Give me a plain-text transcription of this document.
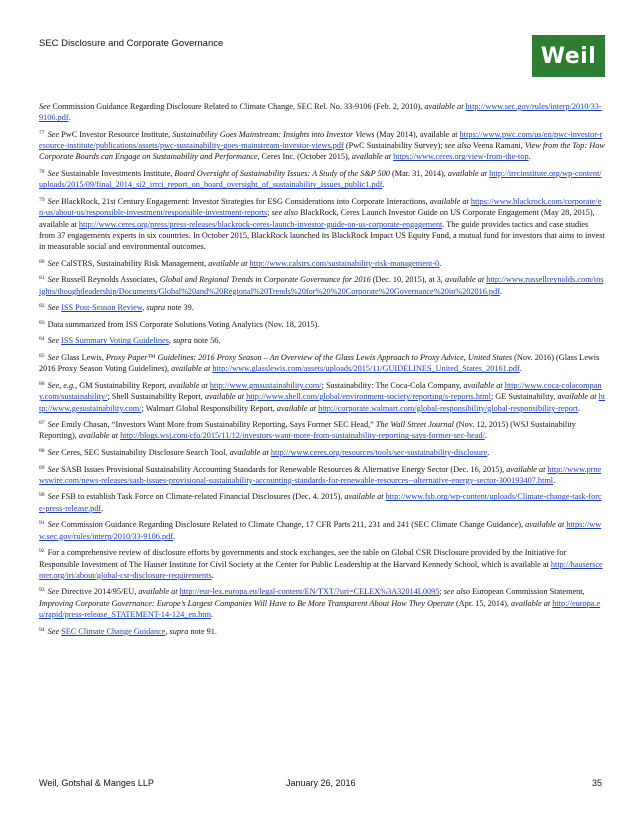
SEC Disclosure and Corporate Governance	Weil

See Commission Guidance Regarding Disclosure Related to Climate Change, SEC Rel. No. 33-9106 (Feb. 2, 2010), available at http://www.sec.gov/rules/interp/2010/33-9106.pdf.

$^{77}$ See PwC Investor Resource Institute, Sustainability Goes Mainstream: Insights into Investor Views (May 2014), available at https://www.pwc.com/us/en/pwc-investor-resource-institute/publications/assets/pwc-sustainability-goes-mainstream-investor-views.pdf (PwC Sustainability Survey); see also Veena Ramani, View from the Top: How Corporate Boards can Engage on Sustainability and Performance, Ceres Inc. (October 2015), available at https://www.ceres.org/view-from-the-top.

$^{78}$ See Sustainable Investments Institute, Board Oversight of Sustainability Issues: A Study of the S&P 500 (Mar. 31, 2014), available at http://irrcinstitute.org/wp-content/uploads/2015/09/final_2014_si2_irrci_report_on_board_oversight_of_sustainability_issues_public1.pdf.

$^{79}$ See BlackRock, 21st Century Engagement: Investor Strategies for ESG Considerations into Corporate Interactions, available at https://www.blackrock.com/corporate/en-us/about-us/responsible-investment/responsible-investment-reports; see also BlackRock, Ceres Launch Investor Guide on US Corporate Engagement (May 28, 2015), available at http://www.ceres.org/press/press-releases/blackrock-ceres-launch-investor-guide-on-us-corporate-engagement. The guide provides tactics and case studies from 37 engagements experts in six countries. In October 2015, BlackRock launched its BlackRock Impact US Equity Fund, a mutual fund for investors that aims to invest in measurable social and environmental outcomes.

$^{80}$ See CalSTRS, Sustainability Risk Management, available at http://www.calstrs.com/sustainability-risk-management-0.

$^{81}$ See Russell Reynolds Associates, Global and Regional Trends in Corporate Governance for 2016 (Dec. 10, 2015), at 3, available at http://www.russellreynolds.com/insights/thoughtleadership/Documents/Global%20and%20Regional%20Trends%20for%20%20Corporate%20Governance%20in%202016.pdf.

$^{82}$ See ISS Post-Season Review, supra note 39.

$^{83}$ Data summarized from ISS Corporate Solutions Voting Analytics (Nov. 18, 2015).

$^{84}$ See ISS Summary Voting Guidelines, supra note 56.

$^{85}$ See Glass Lewis, Proxy Paper™ Guidelines: 2016 Proxy Season – An Overview of the Glass Lewis Approach to Proxy Advice, United States (Nov. 2016) (Glass Lewis 2016 Proxy Season Voting Guidelines), available at http://www.glasslewis.com/assets/uploads/2015/11/GUIDELINES_United_States_20161.pdf.

$^{86}$ See, e.g., GM Sustainability Report, available at http://www.gmsustainability.com/; Sustainability: The Coca-Cola Company, available at http://www.coca-colacompany.com/sustainability/; Shell Sustainability Report, available at http://www.shell.com/global/environment-society/reporting/s-reports.html; GE Sustainability, available at http://www.gesustainability.com/; Walmart Global Responsibility Report, available at http://corporate.walmart.com/global-responsibility/global-responsibility-report.

$^{87}$ See Emily Chasan, “Investors Want More from Sustainability Reporting, Says Former SEC Head,” The Wall Street Journal (Nov. 12, 2015) (WSJ Sustainability Reporting), available at http://blogs.wsj.com/cfo/2015/11/12/investors-want-more-from-sustainability-reporting-says-former-sec-head/.

$^{88}$ See Ceres, SEC Sustainability Disclosure Search Tool, available at http://www.ceres.org/resources/tools/sec-sustainability-disclosure.

$^{89}$ See SASB Issues Provisional Sustainability Accounting Standards for Renewable Resources & Alternative Energy Sector (Dec. 16, 2015), available at http://www.prnewswire.com/news-releases/sasb-issues-provisional-sustainability-accounting-standards-for-renewable-resources--alternative-energy-sector-300193407.html.

$^{90}$ See FSB to establish Task Force on Climate-related Financial Disclosures (Dec. 4. 2015), available at http://www.fsb.org/wp-content/uploads/Climate-change-task-force-press-release.pdf.

$^{91}$ See Commission Guidance Regarding Disclosure Related to Climate Change, 17 CFR Parts 211, 231 and 241 (SEC Climate Change Guidance), available at https://www.sec.gov/rules/interp/2010/33-9106.pdf.

$^{92}$ For a comprehensive review of disclosure efforts by governments and stock exchanges, see the table on Global CSR Disclosure provided by the Initiative for Responsible Investment of The Hauser Institute for Civil Society at the Center for Public Leadership at the Harvard Kennedy School, which is available at http://hauserscenter.org/iri/about/global-csr-disclosure-requirements.

$^{93}$ See Directive 2014/95/EU, available at http://eur-lex.europa.eu/legal-content/EN/TXT/?uri=CELEX%3A32014L0095; see also European Commission Statement, Improving Corporate Governance: Europe’s Largest Companies Will Have to Be More Transparent About How They Operate (Apr. 15, 2014), available at http://europa.eu/rapid/press-release_STATEMENT-14-124_en.htm.

$^{94}$ See SEC Climate Change Guidance, supra note 91.

Weil, Gotshal & Manges LLP	January 26, 2016	35
